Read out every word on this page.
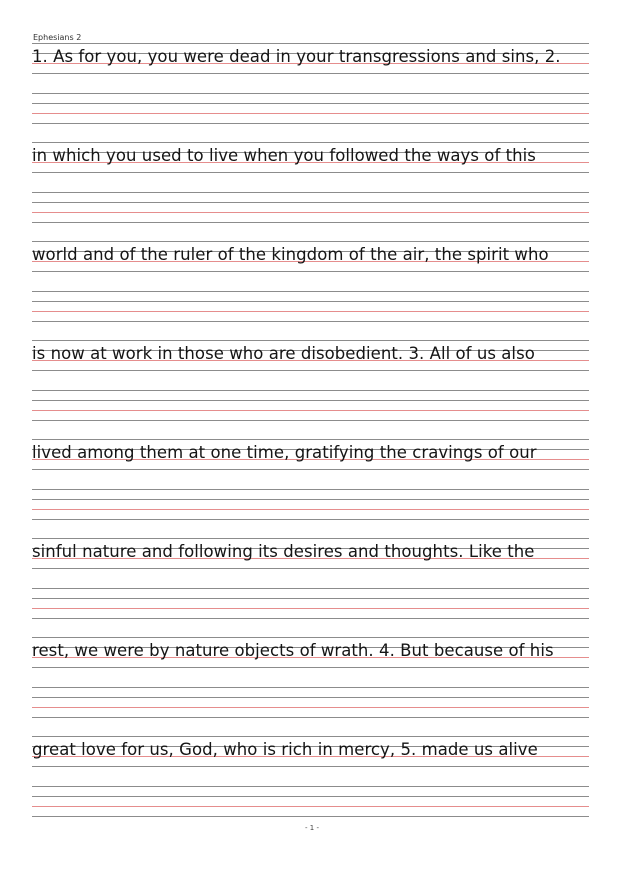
Ephesians 2
1. As for you, you were dead in your transgressions and sins, 2.
in which you used to live when you followed the ways of this
world and of the ruler of the kingdom of the air, the spirit who
is now at work in those who are disobedient. 3. All of us also
lived among them at one time, gratifying the cravings of our
sinful nature and following its desires and thoughts. Like the
rest, we were by nature objects of wrath. 4. But because of his
great love for us, God, who is rich in mercy, 5. made us alive
- 1 -
